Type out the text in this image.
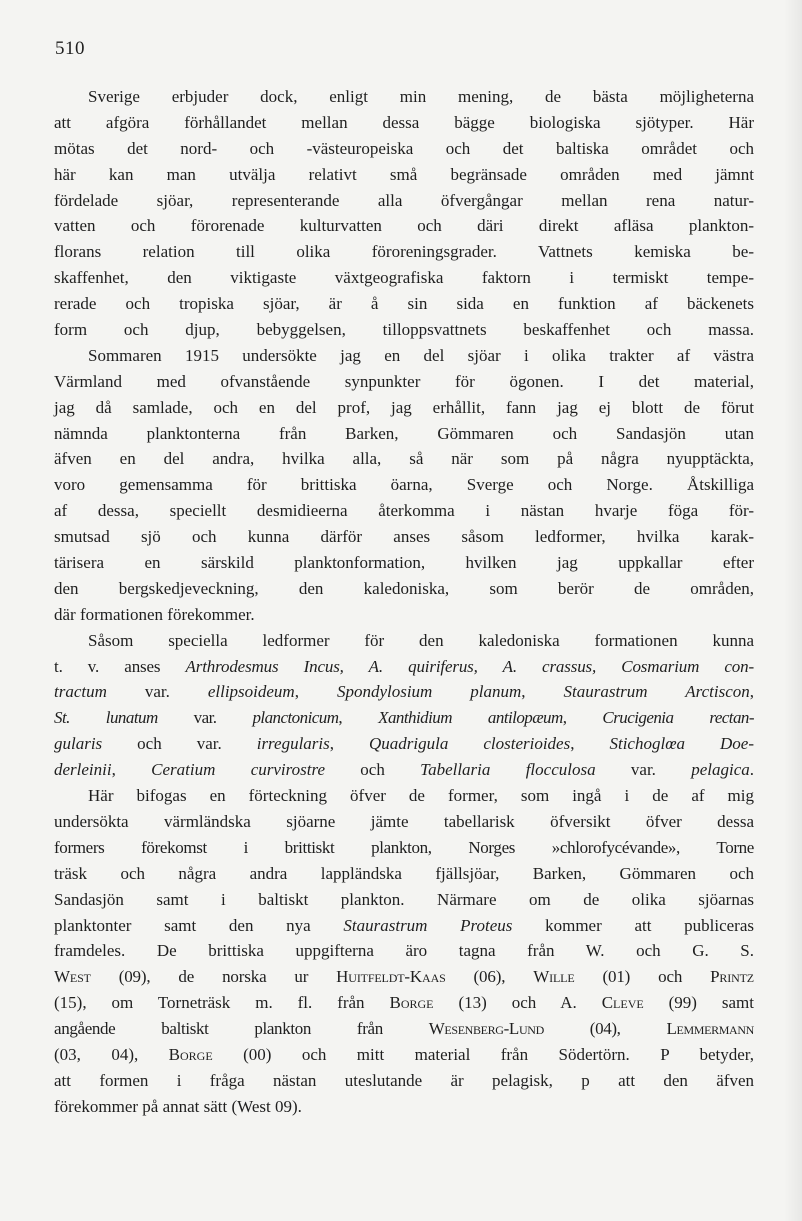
510
Sverige erbjuder dock, enligt min mening, de bästa möjligheterna
att afgöra förhållandet mellan dessa bägge biologiska sjötyper. Här
mötas det nord- och -västeuropeiska och det baltiska området och
här kan man utvälja relativt små begränsade områden med jämnt
fördelade sjöar, representerande alla öfvergångar mellan rena natur-
vatten och förorenade kulturvatten och däri direkt afläsa plankton-
florans relation till olika föroreningsgrader. Vattnets kemiska be-
skaffenhet, den viktigaste växtgeografiska faktorn i termiskt tempe-
rerade och tropiska sjöar, är å sin sida en funktion af bäckenets
form och djup, bebyggelsen, tilloppsvattnets beskaffenhet och massa.
Sommaren 1915 undersökte jag en del sjöar i olika trakter af västra
Värmland med ofvanstående synpunkter för ögonen. I det material,
jag då samlade, och en del prof, jag erhållit, fann jag ej blott de förut
nämnda planktonterna från Barken, Gömmaren och Sandasjön utan
äfven en del andra, hvilka alla, så när som på några nyupptäckta,
voro gemensamma för brittiska öarna, Sverge och Norge. Åtskilliga
af dessa, speciellt desmidieerna återkomma i nästan hvarje föga för-
smutsad sjö och kunna därför anses såsom ledformer, hvilka karak-
tärisera en särskild planktonformation, hvilken jag uppkallar efter
den bergskedjeveckning, den kaledoniska, som berör de områden,
där formationen förekommer.
Såsom speciella ledformer för den kaledoniska formationen kunna
t. v. anses Arthrodesmus Incus, A. quiriferus, A. crassus, Cosmarium con-
tractum var. ellipsoideum, Spondylosium planum, Staurastrum Arctiscon,
St. lunatum var. planctonicum, Xanthidium antilopæum, Crucigenia rectan-
gularis och var. irregularis, Quadrigula closterioides, Stichoglœa Doe-
derleinii, Ceratium curvirostre och Tabellaria flocculosa var. pelagica.
Här bifogas en förteckning öfver de former, som ingå i de af mig
undersökta värmländska sjöarne jämte tabellarisk öfversikt öfver dessa
formers förekomst i brittiskt plankton, Norges »chlorofycévande», Torne
träsk och några andra lappländska fjällsjöar, Barken, Gömmaren och
Sandasjön samt i baltiskt plankton. Närmare om de olika sjöarnas
planktonter samt den nya Staurastrum Proteus kommer att publiceras
framdeles. De brittiska uppgifterna äro tagna från W. och G. S.
West (09), de norska ur Huitfeldt-Kaas (06), Wille (01) och Printz
(15), om Torneträsk m. fl. från Borge (13) och A. Cleve (99) samt
angående baltiskt plankton från Wesenberg-Lund (04), Lemmermann
(03, 04), Borge (00) och mitt material från Södertörn. P betyder,
att formen i fråga nästan uteslutande är pelagisk, p att den äfven
förekommer på annat sätt (West 09).
